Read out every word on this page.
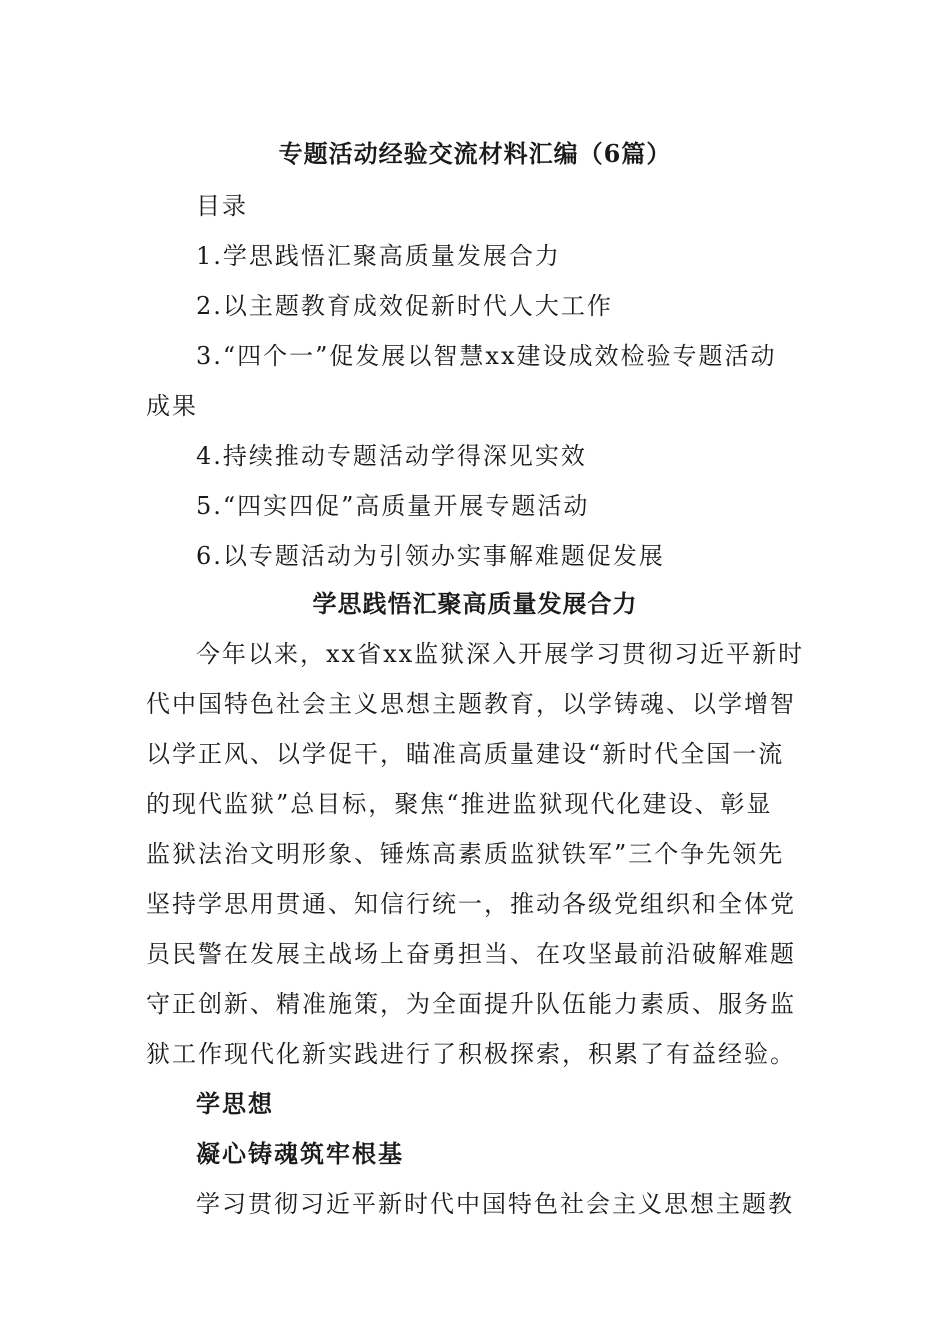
专题活动经验交流材料汇编（6篇）
目录
1.学思践悟汇聚高质量发展合力
2.以主题教育成效促新时代人大工作
3.“四个一”促发展以智慧xx建设成效检验专题活动
成果
4.持续推动专题活动学得深见实效
5.“四实四促”高质量开展专题活动
6.以专题活动为引领办实事解难题促发展
学思践悟汇聚高质量发展合力
今年以来，xx省xx监狱深入开展学习贯彻习近平新时
代中国特色社会主义思想主题教育，以学铸魂、以学增智
以学正风、以学促干，瞄准高质量建设“新时代全国一流
的现代监狱”总目标，聚焦“推进监狱现代化建设、彰显
监狱法治文明形象、锤炼高素质监狱铁军”三个争先领先
坚持学思用贯通、知信行统一，推动各级党组织和全体党
员民警在发展主战场上奋勇担当、在攻坚最前沿破解难题
守正创新、精准施策，为全面提升队伍能力素质、服务监
狱工作现代化新实践进行了积极探索，积累了有益经验。
学思想
凝心铸魂筑牢根基
学习贯彻习近平新时代中国特色社会主义思想主题教
